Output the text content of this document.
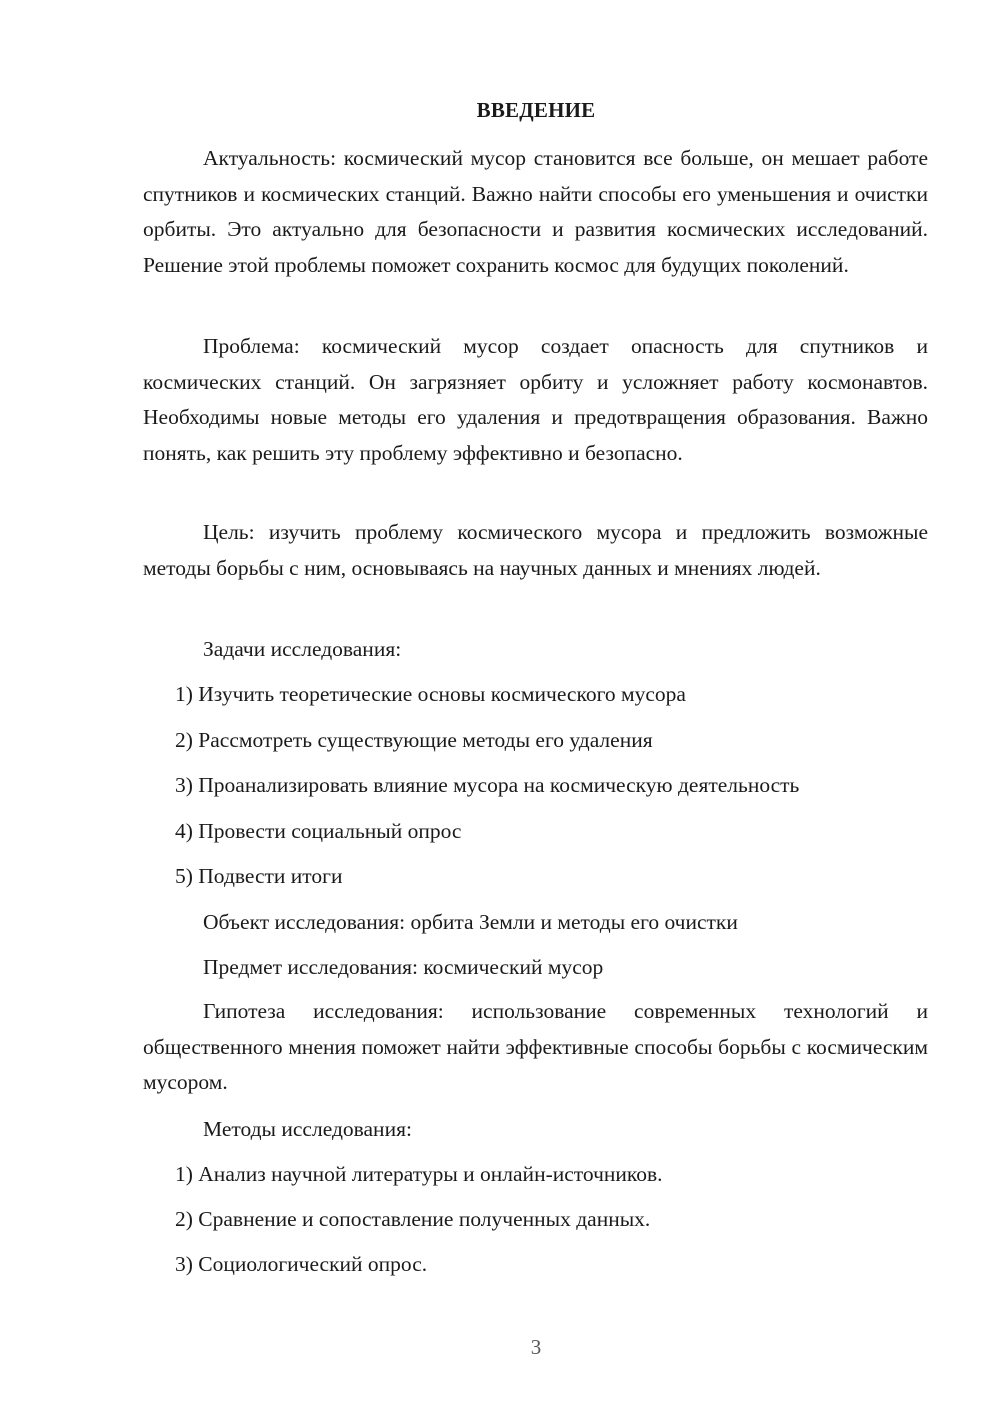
ВВЕДЕНИЕ

Актуальность: космический мусор становится все больше, он мешает работе спутников и космических станций. Важно найти способы его уменьшения и очистки орбиты. Это актуально для безопасности и развития космических исследований. Решение этой проблемы поможет сохранить космос для будущих поколений.

Проблема: космический мусор создает опасность для спутников и космических станций. Он загрязняет орбиту и усложняет работу космонавтов. Необходимы новые методы его удаления и предотвращения образования. Важно понять, как решить эту проблему эффективно и безопасно.

Цель: изучить проблему космического мусора и предложить возможные методы борьбы с ним, основываясь на научных данных и мнениях людей.

Задачи исследования:

1) Изучить теоретические основы космического мусора

2) Рассмотреть существующие методы его удаления

3) Проанализировать влияние мусора на космическую деятельность

4) Провести социальный опрос

5) Подвести итоги

Объект исследования: орбита Земли и методы его очистки

Предмет исследования: космический мусор

Гипотеза исследования: использование современных технологий и общественного мнения поможет найти эффективные способы борьбы с космическим мусором.

Методы исследования:

1) Анализ научной литературы и онлайн-источников.

2) Сравнение и сопоставление полученных данных.

3) Социологический опрос.

3
